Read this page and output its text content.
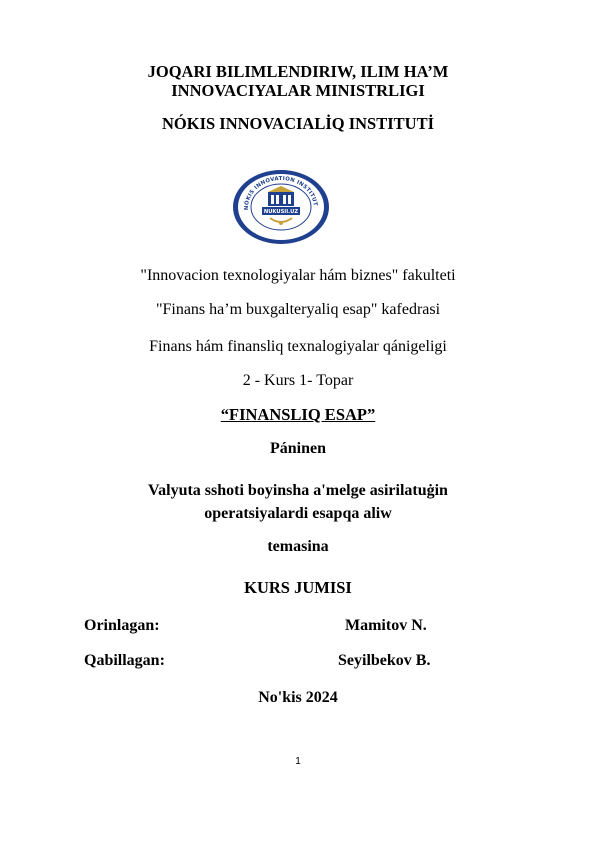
JOQARI BILIMLENDIRIW, ILIM HA’M
INNOVACIYALAR MINISTRLIGI
NÓKIS INNOVACIALİQ INSTITUTİ
NÓKIS INNOVATION INSTITUT
NUKUSII.UZ
"Innovacion texnologiyalar hám biznes" fakulteti
"Finans ha’m buxgalteryaliq esap" kafedrasi
Finans hám finansliq texnalogiyalar qánigeligi
2 - Kurs 1- Topar
“FINANSLIQ ESAP”
Páninen
Valyuta sshoti boyinsha a'melge asirilatuġin
operatsiyalardi esapqa aliw
temasina
KURS JUMISI
Orinlagan:	Mamitov N.
Qabillagan:	Seyilbekov B.
No'kis 2024
1
